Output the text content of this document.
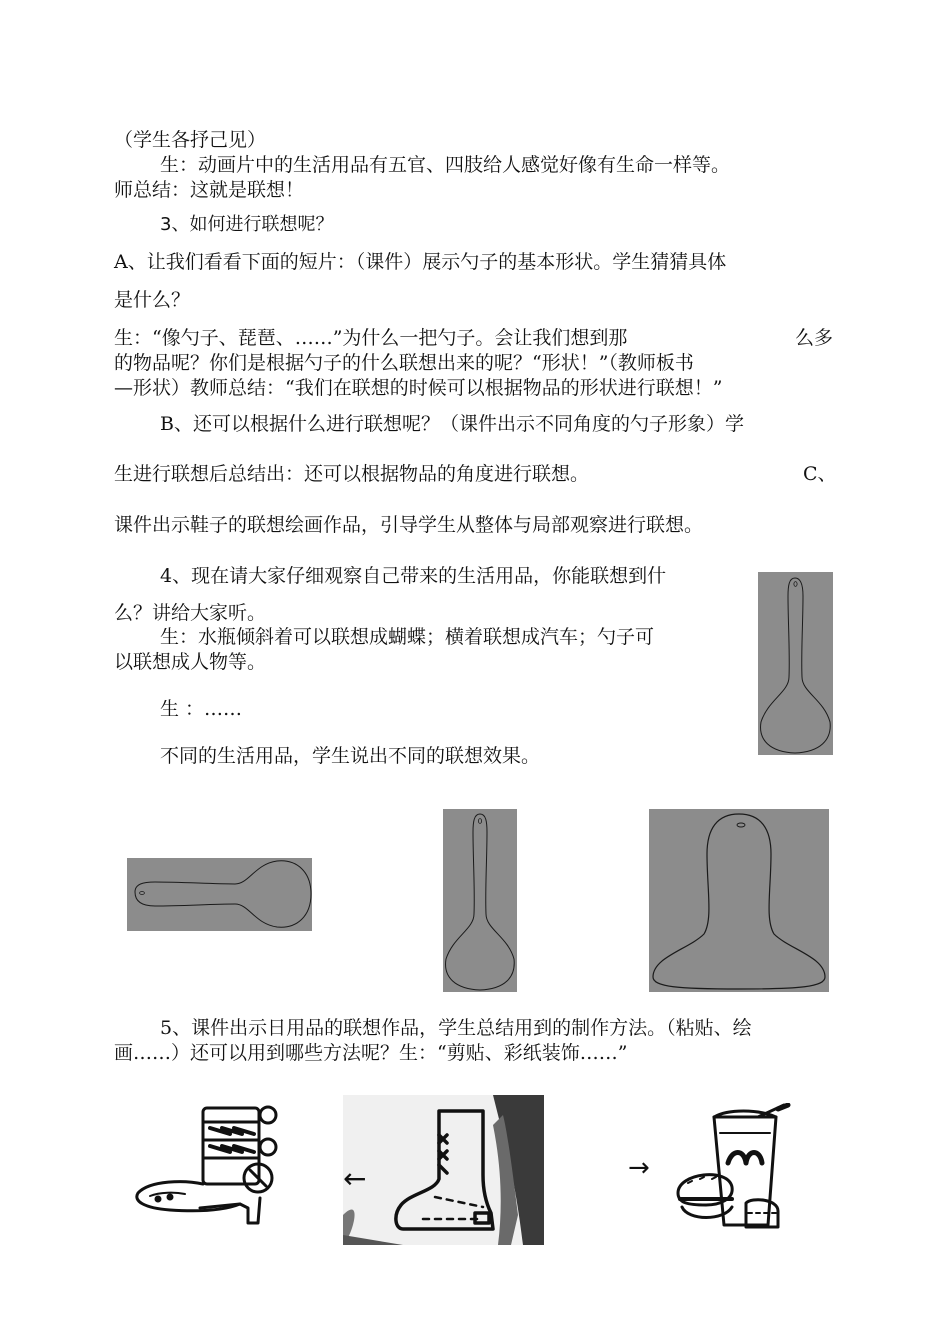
（学生各抒己见）
生：动画片中的生活用品有五官、四肢给人感觉好像有生命一样等。
师总结：这就是联想！
3、如何进行联想呢？
A、让我们看看下面的短片：（课件）展示勺子的基本形状。学生猜猜具体
是什么？
生：“像勺子、琵琶、……”为什么一把勺子。会让我们想到那	么多
的物品呢？你们是根据勺子的什么联想出来的呢？“形状！”（教师板书
—形状）教师总结：“我们在联想的时候可以根据物品的形状进行联想！”
B、还可以根据什么进行联想呢？（课件出示不同角度的勺子形象）学
生进行联想后总结出：还可以根据物品的角度进行联想。	C、
课件出示鞋子的联想绘画作品，引导学生从整体与局部观察进行联想。
4、现在请大家仔细观察自己带来的生活用品，你能联想到什
么？讲给大家听。
生：水瓶倾斜着可以联想成蝴蝶；横着联想成汽车；勺子可
以联想成人物等。
生 ：……
不同的生活用品，学生说出不同的联想效果。
5、课件出示日用品的联想作品，学生总结用到的制作方法。（粘贴、绘
画……）还可以用到哪些方法呢？生：“剪贴、彩纸装饰……”
←	→
